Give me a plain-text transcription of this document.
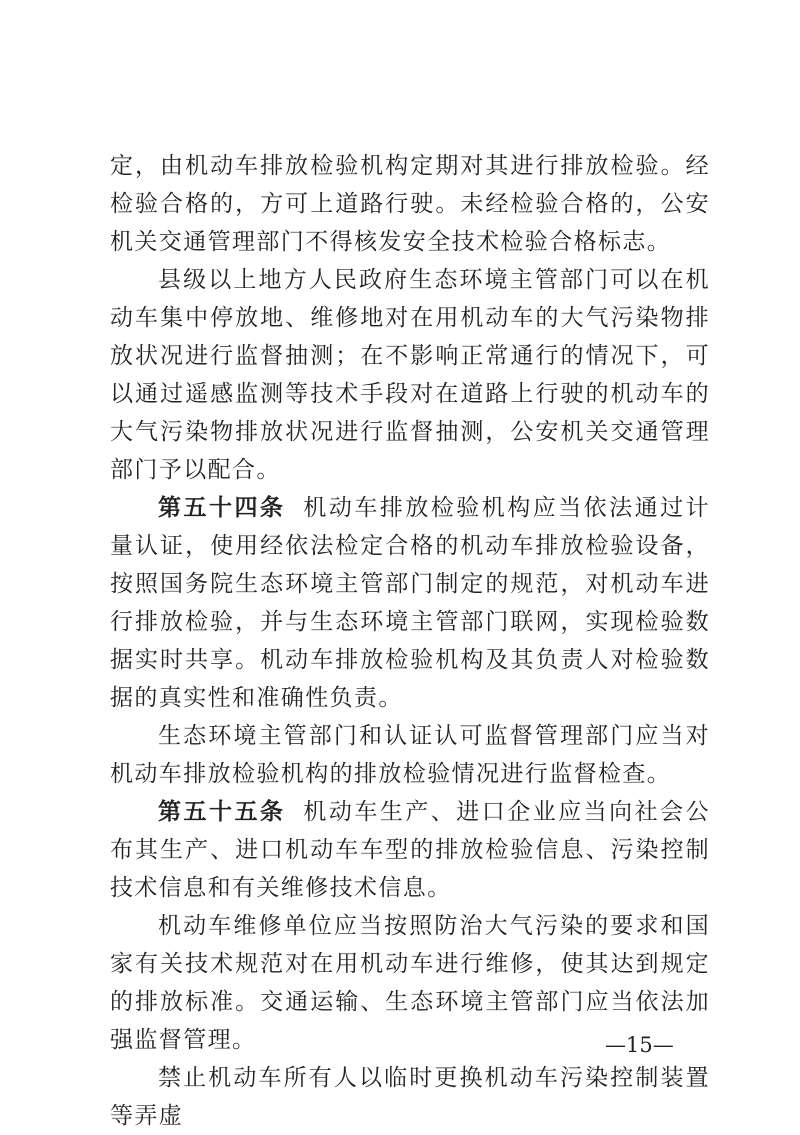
定，由机动车排放检验机构定期对其进行排放检验。经检验合格的，方可上道路行驶。未经检验合格的，公安机关交通管理部门不得核发安全技术检验合格标志。

县级以上地方人民政府生态环境主管部门可以在机动车集中停放地、维修地对在用机动车的大气污染物排放状况进行监督抽测；在不影响正常通行的情况下，可以通过遥感监测等技术手段对在道路上行驶的机动车的大气污染物排放状况进行监督抽测，公安机关交通管理部门予以配合。

第五十四条 机动车排放检验机构应当依法通过计量认证，使用经依法检定合格的机动车排放检验设备，按照国务院生态环境主管部门制定的规范，对机动车进行排放检验，并与生态环境主管部门联网，实现检验数据实时共享。机动车排放检验机构及其负责人对检验数据的真实性和准确性负责。

生态环境主管部门和认证认可监督管理部门应当对机动车排放检验机构的排放检验情况进行监督检查。

第五十五条 机动车生产、进口企业应当向社会公布其生产、进口机动车车型的排放检验信息、污染控制技术信息和有关维修技术信息。

机动车维修单位应当按照防治大气污染的要求和国家有关技术规范对在用机动车进行维修，使其达到规定的排放标准。交通运输、生态环境主管部门应当依法加强监督管理。

禁止机动车所有人以临时更换机动车污染控制装置等弄虚

—15—
